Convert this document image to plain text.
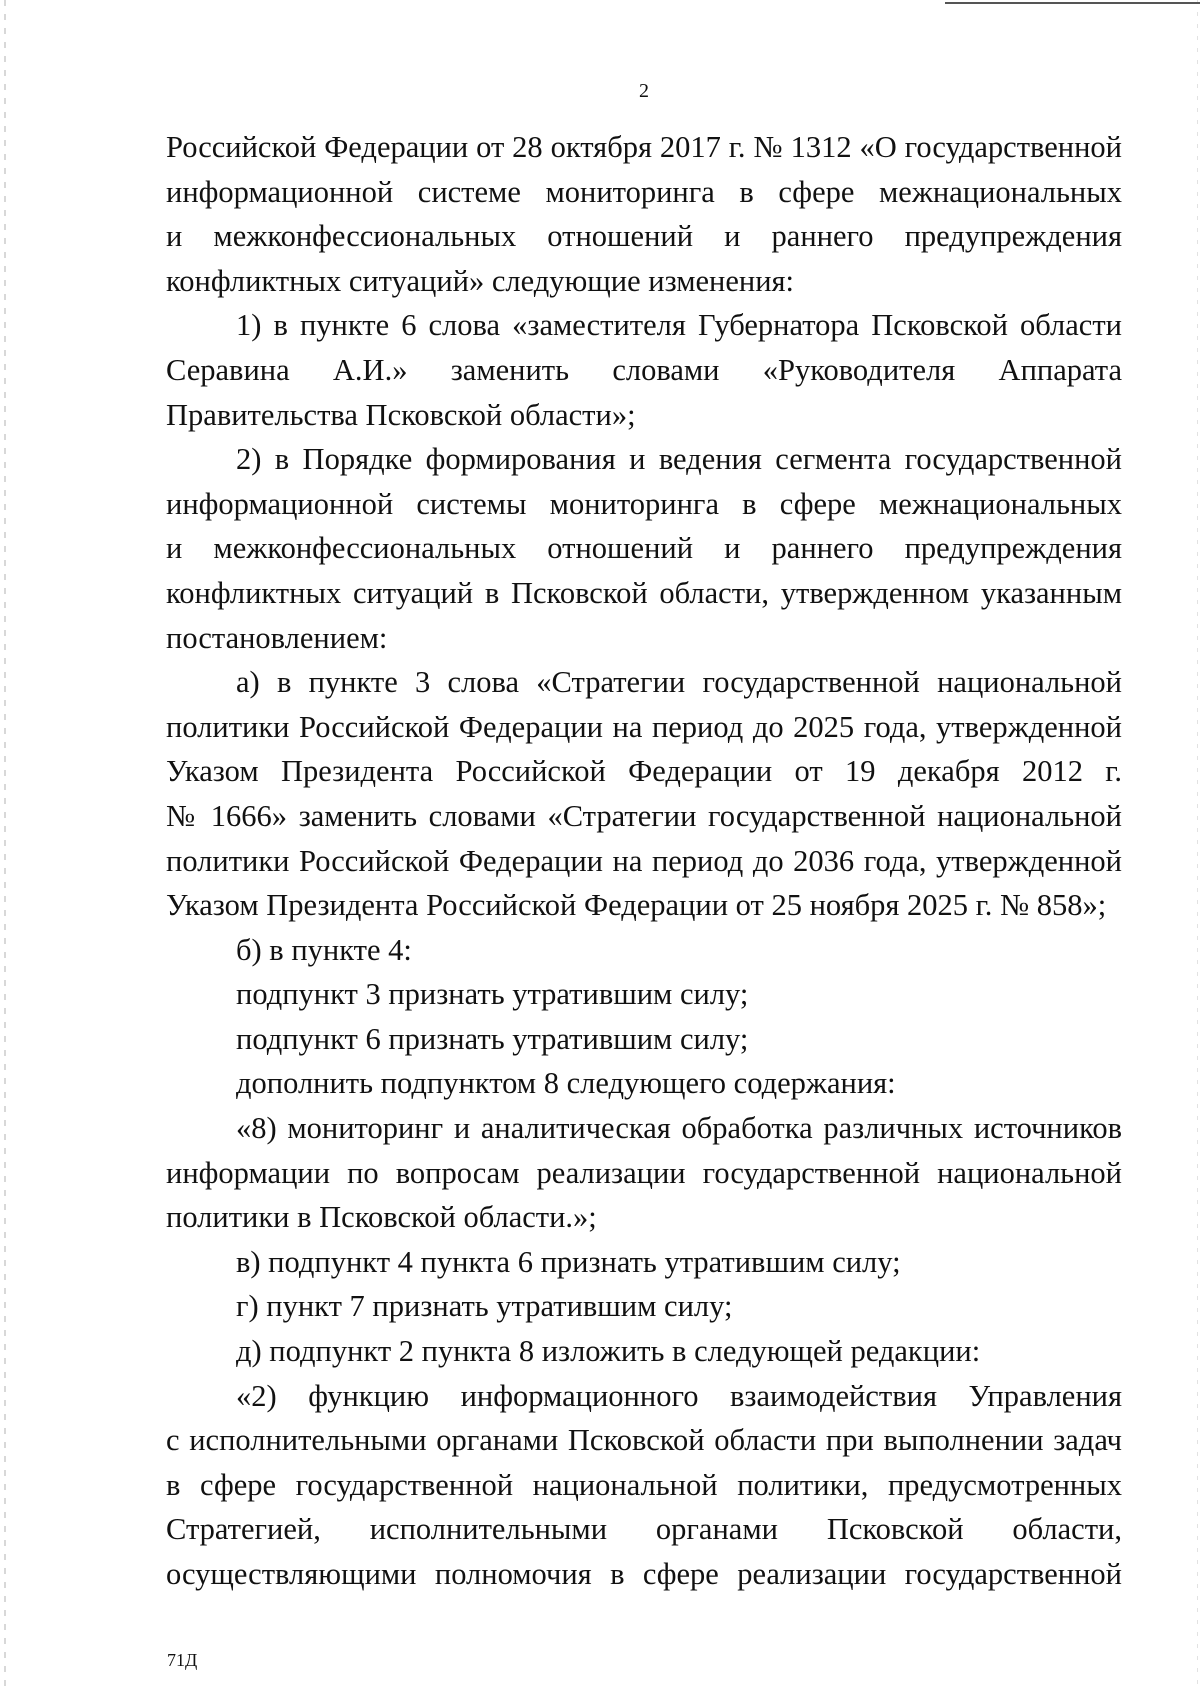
2
Российской Федерации от 28 октября 2017 г. № 1312 «О государственной
информационной системе мониторинга в сфере межнациональных
и межконфессиональных отношений и раннего предупреждения
конфликтных ситуаций» следующие изменения:
1) в пункте 6 слова «заместителя Губернатора Псковской области
Серавина А.И.» заменить словами «Руководителя Аппарата
Правительства Псковской области»;
2) в Порядке формирования и ведения сегмента государственной
информационной системы мониторинга в сфере межнациональных
и межконфессиональных отношений и раннего предупреждения
конфликтных ситуаций в Псковской области, утвержденном указанным
постановлением:
а) в пункте 3 слова «Стратегии государственной национальной
политики Российской Федерации на период до 2025 года, утвержденной
Указом Президента Российской Федерации от 19 декабря 2012 г.
№ 1666» заменить словами «Стратегии государственной национальной
политики Российской Федерации на период до 2036 года, утвержденной
Указом Президента Российской Федерации от 25 ноября 2025 г. № 858»;
б) в пункте 4:
подпункт 3 признать утратившим силу;
подпункт 6 признать утратившим силу;
дополнить подпунктом 8 следующего содержания:
«8) мониторинг и аналитическая обработка различных источников
информации по вопросам реализации государственной национальной
политики в Псковской области.»;
в) подпункт 4 пункта 6 признать утратившим силу;
г) пункт 7 признать утратившим силу;
д) подпункт 2 пункта 8 изложить в следующей редакции:
«2) функцию информационного взаимодействия Управления
с исполнительными органами Псковской области при выполнении задач
в сфере государственной национальной политики, предусмотренных
Стратегией, исполнительными органами Псковской области,
осуществляющими полномочия в сфере реализации государственной
71Д
